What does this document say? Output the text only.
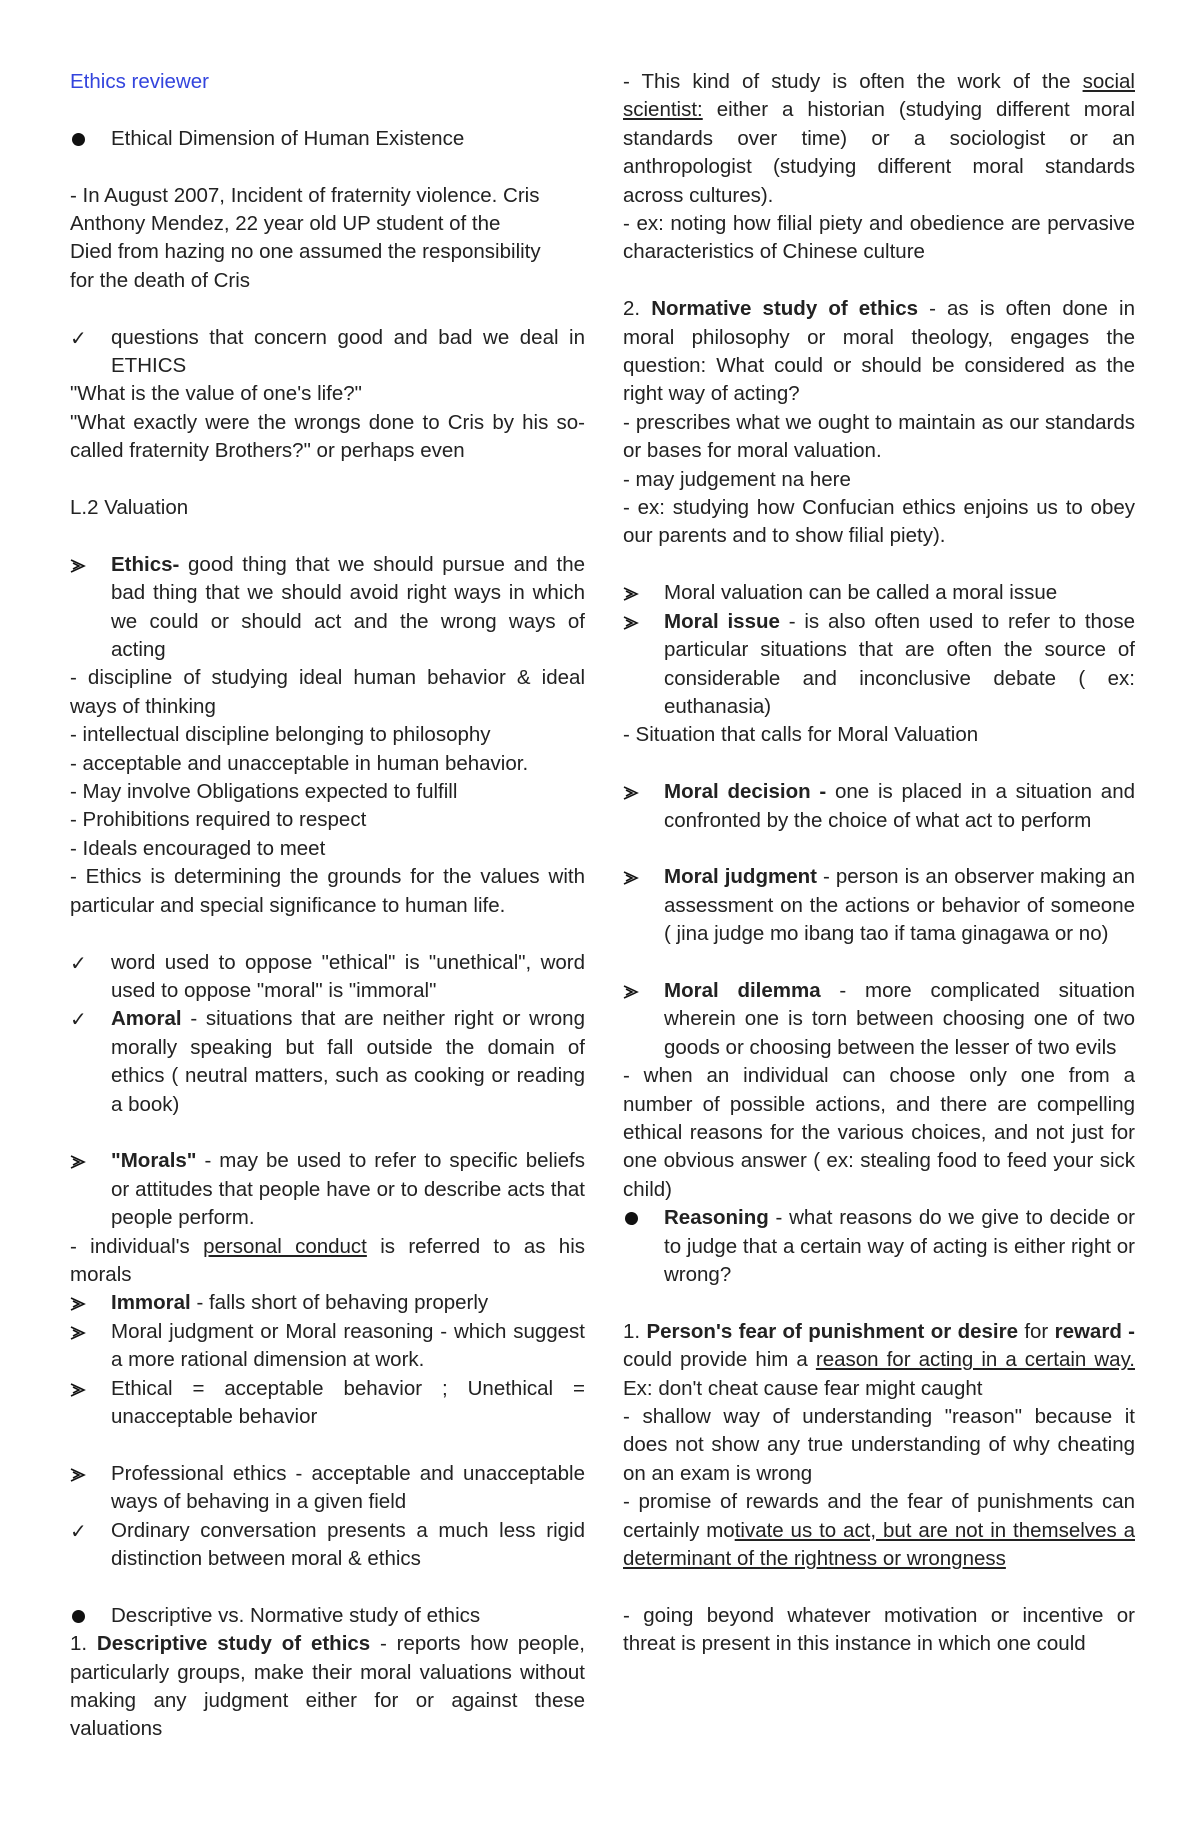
Ethics reviewer

Ethical Dimension of Human Existence

- In August 2007, Incident of fraternity violence. Cris

Anthony Mendez, 22 year old UP student of the

Died from hazing no one assumed the responsibility

for the death of Cris

✓	questions that concern good and bad we deal in ETHICS

"What is the value of one's life?"

"What exactly were the wrongs done to Cris by his so- called fraternity Brothers?" or perhaps even

L.2 Valuation

Ethics- good thing that we should pursue and the bad thing that we should avoid right ways in which we could or should act and the wrong ways of acting

- discipline of studying ideal human behavior & ideal ways of thinking

- intellectual discipline belonging to philosophy

- acceptable and unacceptable in human behavior.

- May involve Obligations expected to fulfill

- Prohibitions required to respect

- Ideals encouraged to meet

- Ethics is determining the grounds for the values with particular and special significance to human life.

✓	word used to oppose "ethical" is "unethical", word used to oppose "moral" is "immoral"
✓	Amoral - situations that are neither right or wrong morally speaking but fall outside the domain of ethics ( neutral matters, such as cooking or reading a book)
"Morals" - may be used to refer to specific beliefs or attitudes that people have or to describe acts that people perform.

- individual's personal conduct is referred to as his morals

Immoral - falls short of behaving properly
Moral judgment or Moral reasoning - which suggest a more rational dimension at work.
Ethical = acceptable behavior ; Unethical = unacceptable behavior
Professional ethics - acceptable and unacceptable ways of behaving in a given field
✓	Ordinary conversation presents a much less rigid distinction between moral & ethics
Descriptive vs. Normative study of ethics

1. Descriptive study of ethics - reports how people, particularly groups, make their moral valuations without making any judgment either for or against these valuations

- This kind of study is often the work of the social scientist: either a historian (studying different moral standards over time) or a sociologist or an anthropologist (studying different moral standards across cultures).

- ex: noting how filial piety and obedience are pervasive characteristics of Chinese culture

2. Normative study of ethics - as is often done in moral philosophy or moral theology, engages the question: What could or should be considered as the right way of acting?

- prescribes what we ought to maintain as our standards or bases for moral valuation.

- may judgement na here

- ex: studying how Confucian ethics enjoins us to obey our parents and to show filial piety).

Moral valuation can be called a moral issue
Moral issue - is also often used to refer to those particular situations that are often the source of considerable and inconclusive debate ( ex: euthanasia)

- Situation that calls for Moral Valuation

Moral decision - one is placed in a situation and confronted by the choice of what act to perform
Moral judgment - person is an observer making an assessment on the actions or behavior of someone ( jina judge mo ibang tao if tama ginagawa or no)
Moral dilemma - more complicated situation wherein one is torn between choosing one of two goods or choosing between the lesser of two evils

- when an individual can choose only one from a number of possible actions, and there are compelling ethical reasons for the various choices, and not just for one obvious answer ( ex: stealing food to feed your sick child)

Reasoning - what reasons do we give to decide or to judge that a certain way of acting is either right or wrong?

1. Person's fear of punishment or desire for reward - could provide him a reason for acting in a certain way. Ex: don't cheat cause fear might caught

- shallow way of understanding "reason" because it does not show any true understanding of why cheating on an exam is wrong

- promise of rewards and the fear of punishments can certainly motivate us to act, but are not in themselves a determinant of the rightness or wrongness

- going beyond whatever motivation or incentive or threat is present in this instance in which one could
